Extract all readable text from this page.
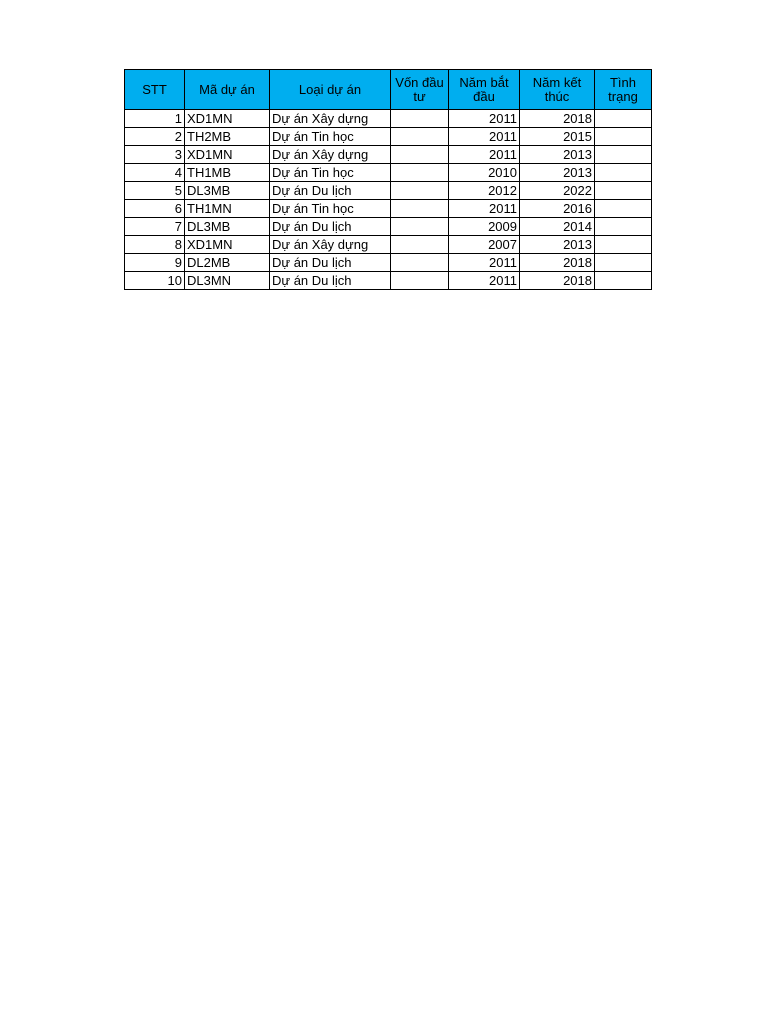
STT	Mã dự án	Loại dự án	Vốn đầu tư	Năm bắt đầu	Năm kết thúc	Tình trạng
1	XD1MN	Dự án Xây dựng		2011	2018	
2	TH2MB	Dự án Tin học		2011	2015	
3	XD1MN	Dự án Xây dựng		2011	2013	
4	TH1MB	Dự án Tin học		2010	2013	
5	DL3MB	Dự án Du lịch		2012	2022	
6	TH1MN	Dự án Tin học		2011	2016	
7	DL3MB	Dự án Du lịch		2009	2014	
8	XD1MN	Dự án Xây dựng		2007	2013	
9	DL2MB	Dự án Du lịch		2011	2018	
10	DL3MN	Dự án Du lịch		2011	2018	
